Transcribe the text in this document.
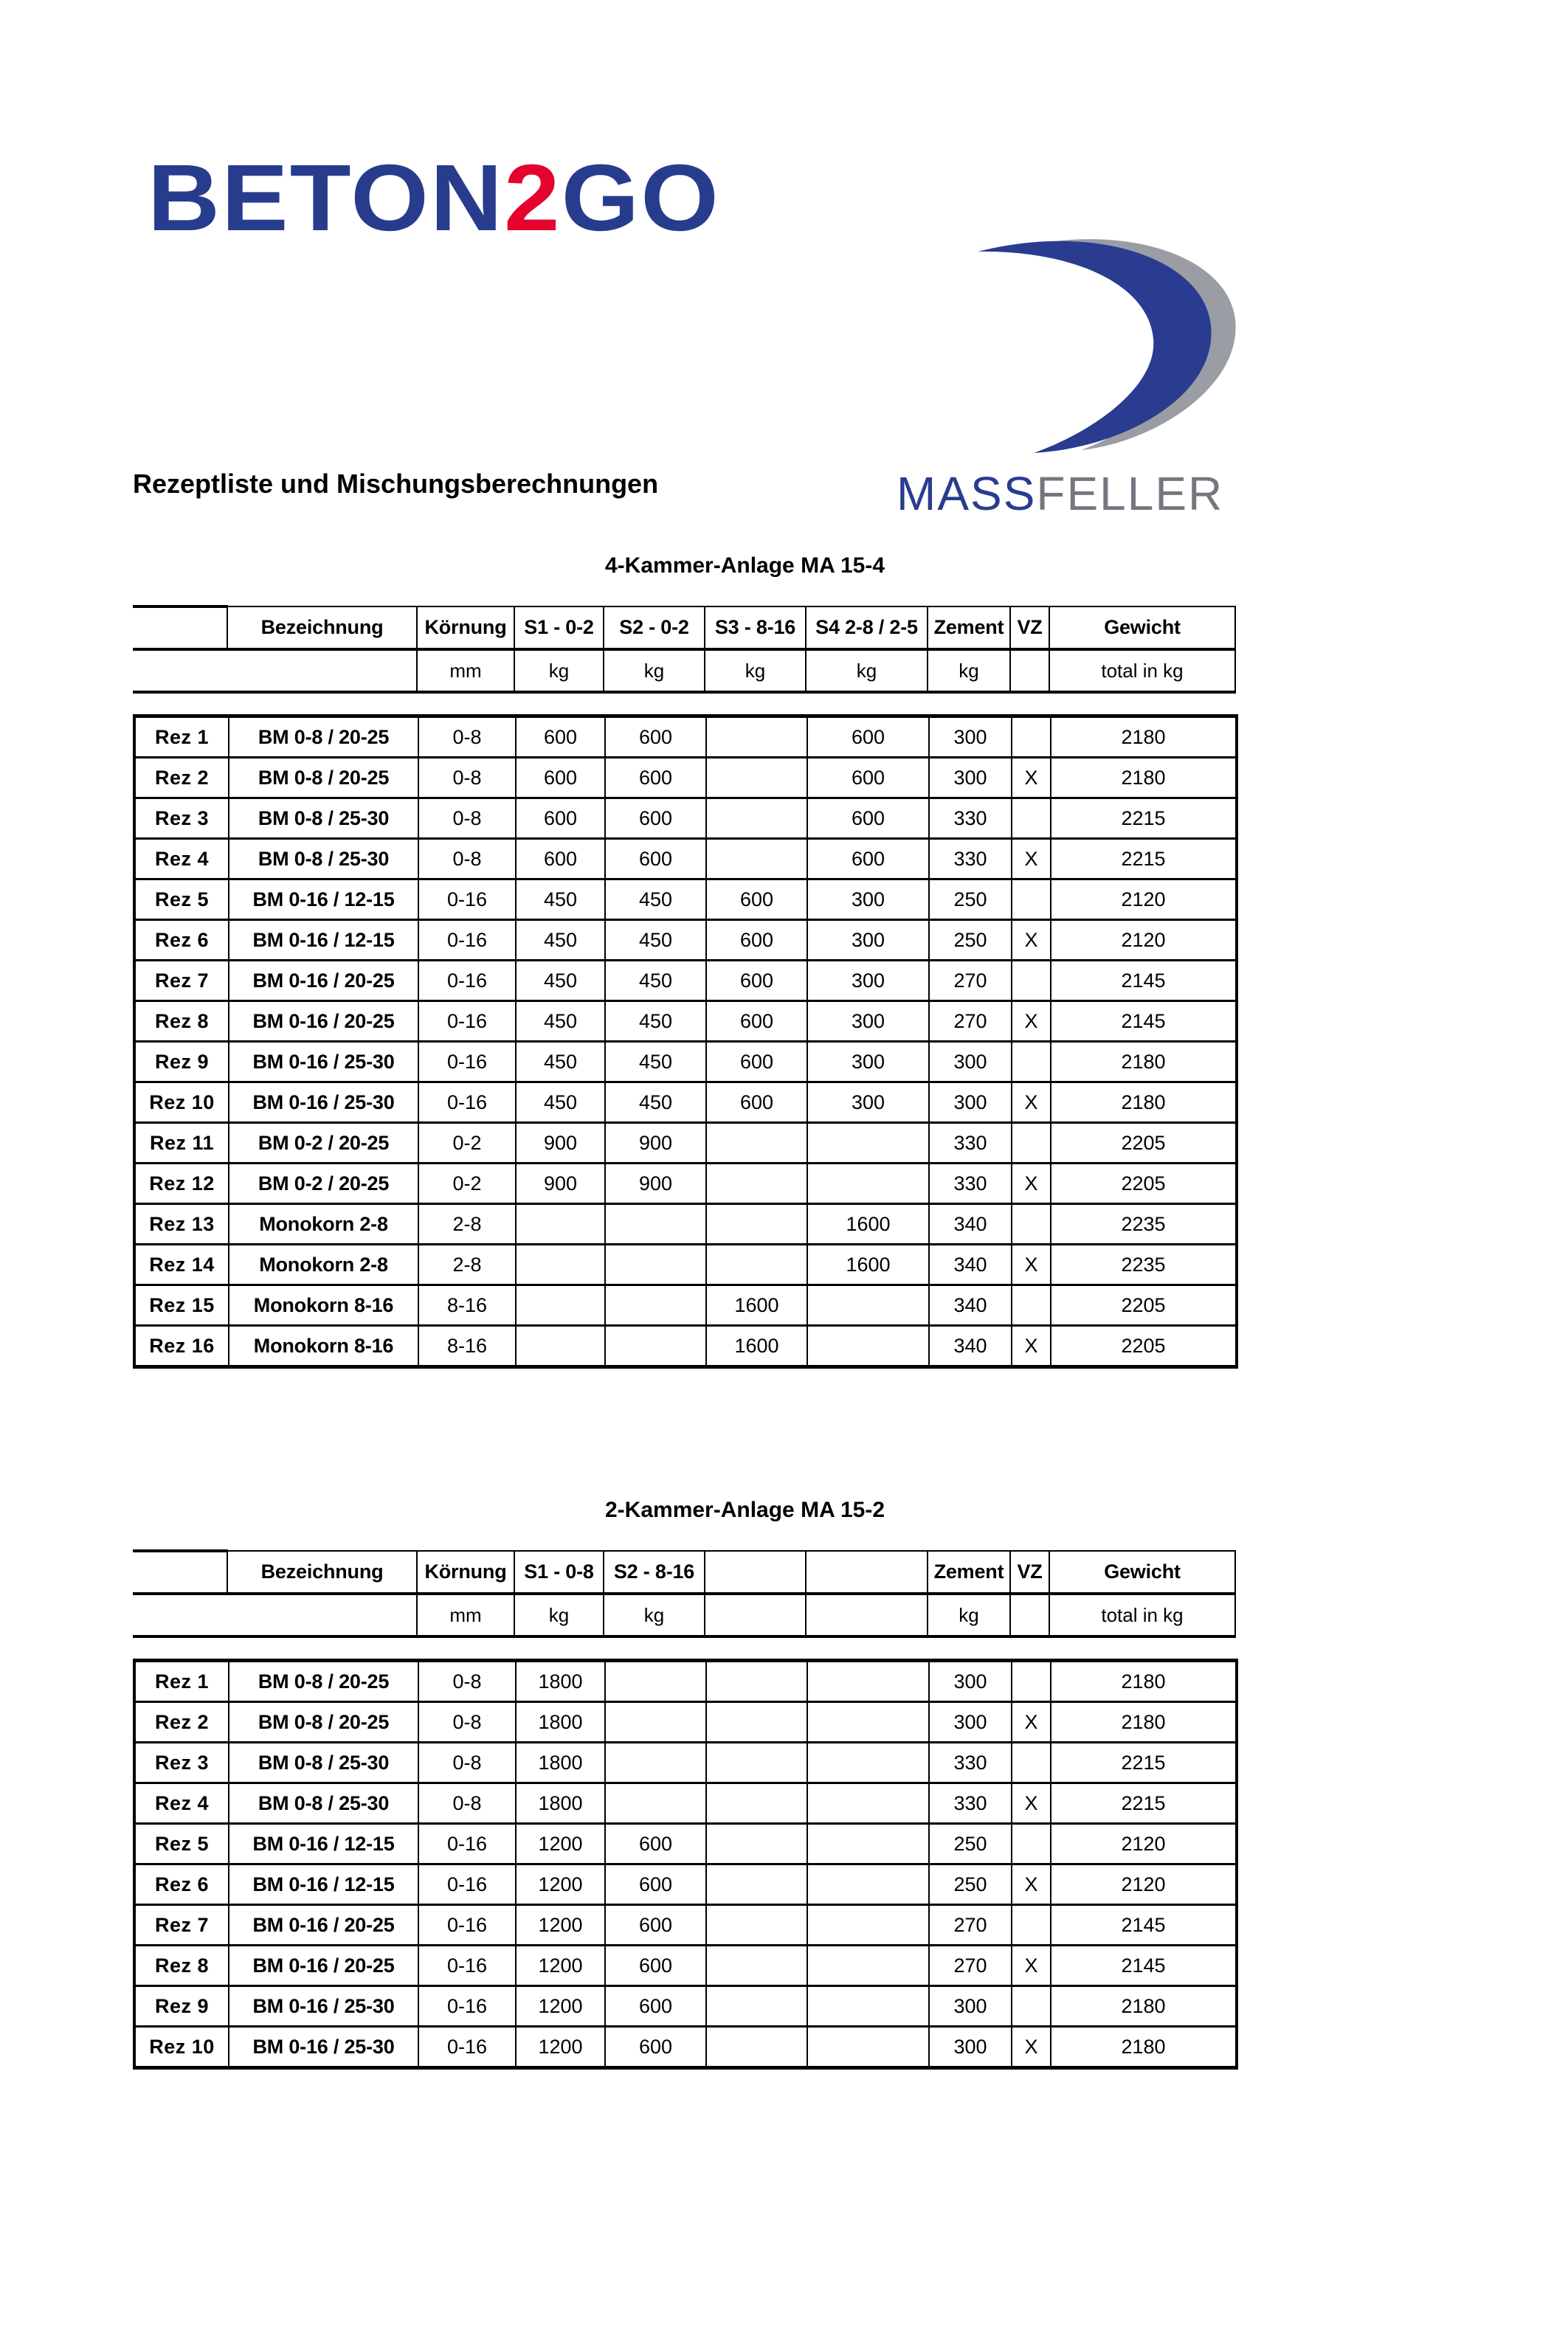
BETON2GO
MASSFELLER
Rezeptliste und Mischungsberechnungen
4-Kammer-Anlage MA 15-4
	Bezeichnung	Körnung	S1 - 0-2	S2 - 0-2	S3 - 8-16	S4 2-8 / 2-5	Zement	VZ	Gewicht
		mm	kg	kg	kg	kg	kg		total in kg
Rez 1	BM 0-8 / 20-25	0-8	600	600		600	300		2180
Rez 2	BM 0-8 / 20-25	0-8	600	600		600	300	X	2180
Rez 3	BM 0-8 / 25-30	0-8	600	600		600	330		2215
Rez 4	BM 0-8 / 25-30	0-8	600	600		600	330	X	2215
Rez 5	BM 0-16 / 12-15	0-16	450	450	600	300	250		2120
Rez 6	BM 0-16 / 12-15	0-16	450	450	600	300	250	X	2120
Rez 7	BM 0-16 / 20-25	0-16	450	450	600	300	270		2145
Rez 8	BM 0-16 / 20-25	0-16	450	450	600	300	270	X	2145
Rez 9	BM 0-16 / 25-30	0-16	450	450	600	300	300		2180
Rez 10	BM 0-16 / 25-30	0-16	450	450	600	300	300	X	2180
Rez 11	BM 0-2 / 20-25	0-2	900	900			330		2205
Rez 12	BM 0-2 / 20-25	0-2	900	900			330	X	2205
Rez 13	Monokorn 2-8	2-8				1600	340		2235
Rez 14	Monokorn 2-8	2-8				1600	340	X	2235
Rez 15	Monokorn 8-16	8-16			1600		340		2205
Rez 16	Monokorn 8-16	8-16			1600		340	X	2205
2-Kammer-Anlage MA 15-2
	Bezeichnung	Körnung	S1 - 0-8	S2 - 8-16			Zement	VZ	Gewicht
		mm	kg	kg			kg		total in kg
Rez 1	BM 0-8 / 20-25	0-8	1800				300		2180
Rez 2	BM 0-8 / 20-25	0-8	1800				300	X	2180
Rez 3	BM 0-8 / 25-30	0-8	1800				330		2215
Rez 4	BM 0-8 / 25-30	0-8	1800				330	X	2215
Rez 5	BM 0-16 / 12-15	0-16	1200	600			250		2120
Rez 6	BM 0-16 / 12-15	0-16	1200	600			250	X	2120
Rez 7	BM 0-16 / 20-25	0-16	1200	600			270		2145
Rez 8	BM 0-16 / 20-25	0-16	1200	600			270	X	2145
Rez 9	BM 0-16 / 25-30	0-16	1200	600			300		2180
Rez 10	BM 0-16 / 25-30	0-16	1200	600			300	X	2180
